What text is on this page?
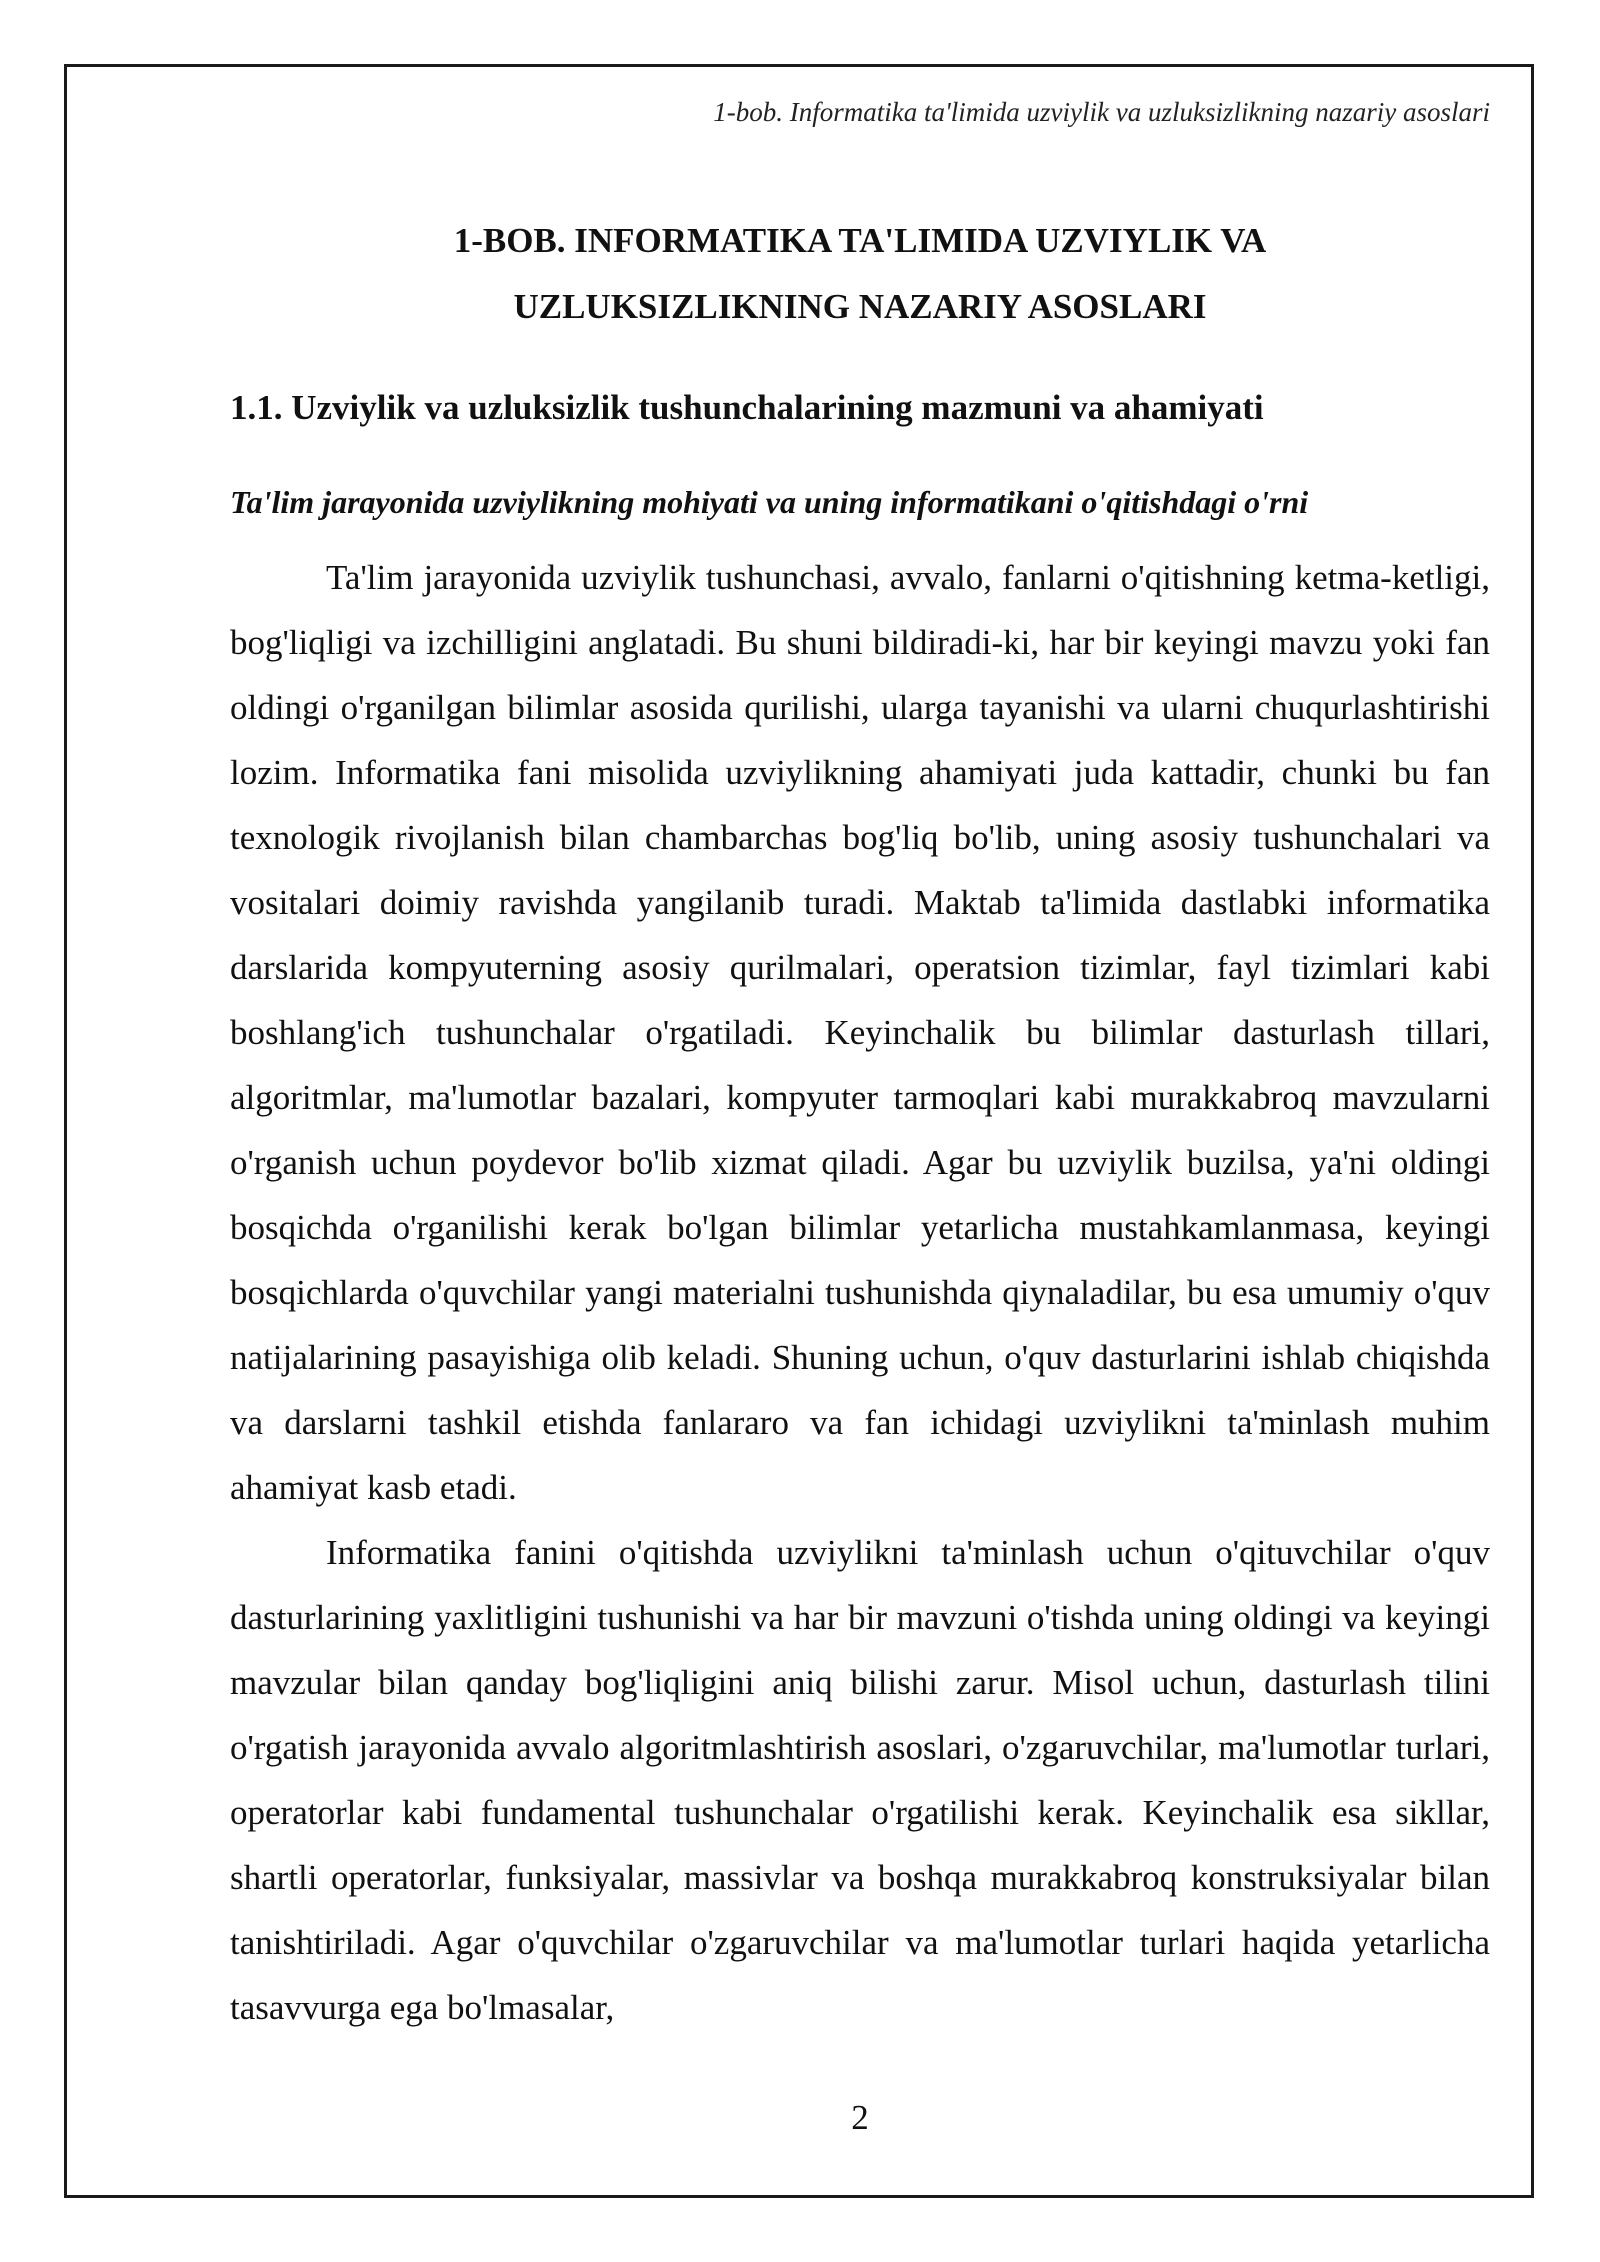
1-bob. Informatika ta'limida uzviylik va uzluksizlikning nazariy asoslari
1-BOB. INFORMATIKA TA'LIMIDA UZVIYLIK VA
UZLUKSIZLIKNING NAZARIY ASOSLARI
1.1. Uzviylik va uzluksizlik tushunchalarining mazmuni va ahamiyati
Ta'lim jarayonida uzviylikning mohiyati va uning informatikani o'qitishdagi o'rni

Ta'lim jarayonida uzviylik tushunchasi, avvalo, fanlarni o'qitishning ketma-ketligi, bog'liqligi va izchilligini anglatadi. Bu shuni bildiradi-ki, har bir keyingi mavzu yoki fan oldingi o'rganilgan bilimlar asosida qurilishi, ularga tayanishi va ularni chuqurlashtirishi lozim. Informatika fani misolida uzviylikning ahamiyati juda kattadir, chunki bu fan texnologik rivojlanish bilan chambarchas bog'liq bo'lib, uning asosiy tushunchalari va vositalari doimiy ravishda yangilanib turadi. Maktab ta'limida dastlabki informatika darslarida kompyuterning asosiy qurilmalari, operatsion tizimlar, fayl tizimlari kabi boshlang'ich tushunchalar o'rgatiladi. Keyinchalik bu bilimlar dasturlash tillari, algoritmlar, ma'lumotlar bazalari, kompyuter tarmoqlari kabi murakkabroq mavzularni o'rganish uchun poydevor bo'lib xizmat qiladi. Agar bu uzviylik buzilsa, ya'ni oldingi bosqichda o'rganilishi kerak bo'lgan bilimlar yetarlicha mustahkamlanmasa, keyingi bosqichlarda o'quvchilar yangi materialni tushunishda qiynaladilar, bu esa umumiy o'quv natijalarining pasayishiga olib keladi. Shuning uchun, o'quv dasturlarini ishlab chiqishda va darslarni tashkil etishda fanlararo va fan ichidagi uzviylikni ta'minlash muhim ahamiyat kasb etadi.

Informatika fanini o'qitishda uzviylikni ta'minlash uchun o'qituvchilar o'quv dasturlarining yaxlitligini tushunishi va har bir mavzuni o'tishda uning oldingi va keyingi mavzular bilan qanday bog'liqligini aniq bilishi zarur. Misol uchun, dasturlash tilini o'rgatish jarayonida avvalo algoritmlashtirish asoslari, o'zgaruvchilar, ma'lumotlar turlari, operatorlar kabi fundamental tushunchalar o'rgatilishi kerak. Keyinchalik esa sikllar, shartli operatorlar, funksiyalar, massivlar va boshqa murakkabroq konstruksiyalar bilan tanishtiriladi. Agar o'quvchilar o'zgaruvchilar va ma'lumotlar turlari haqida yetarlicha tasavvurga ega bo'lmasalar,

2
